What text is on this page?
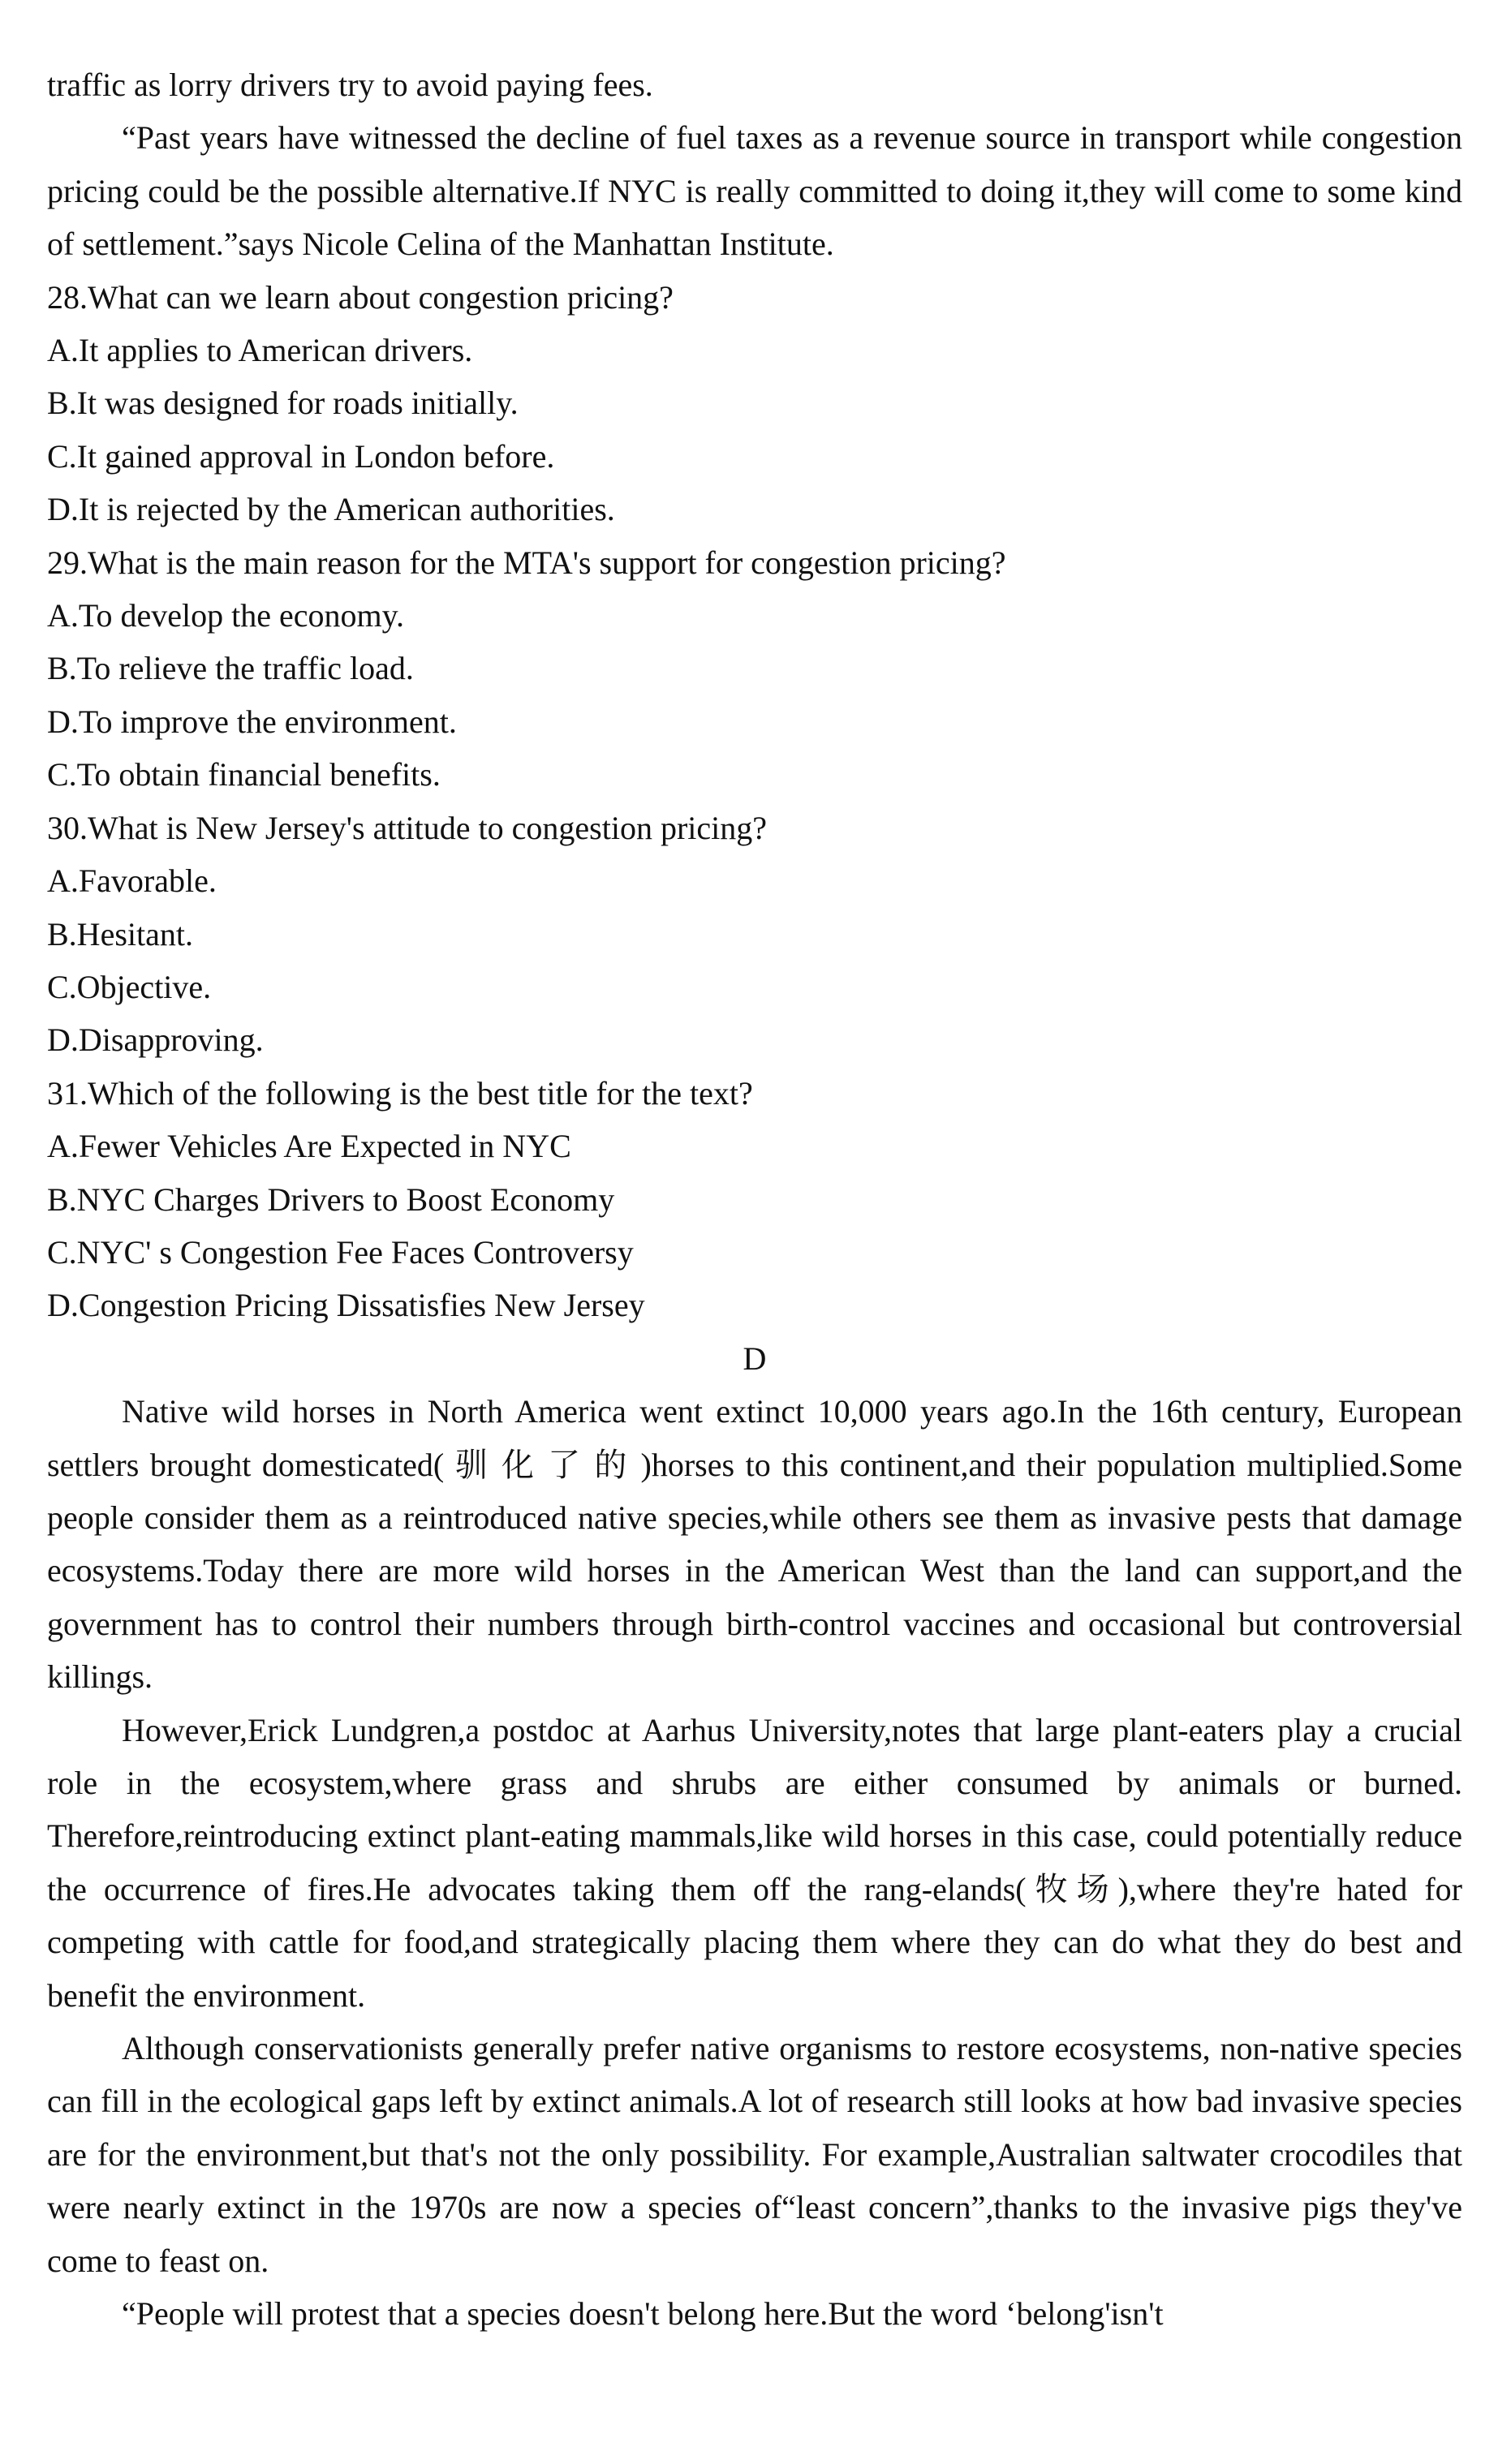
traffic as lorry drivers try to avoid paying fees.

“Past years have witnessed the decline of fuel taxes as a revenue source in transport while congestion pricing could be the possible alternative.If NYC is really committed to doing it,they will come to some kind of settlement.”says Nicole Celina of the Manhattan Institute.

28.What can we learn about congestion pricing?

A.It applies to American drivers.

B.It was designed for roads initially.

C.It gained approval in London before.

D.It is rejected by the American authorities.

29.What is the main reason for the MTA's support for congestion pricing?

A.To develop the economy.

B.To relieve the traffic load.

D.To improve the environment.

C.To obtain financial benefits.

30.What is New Jersey's attitude to congestion pricing?

A.Favorable.

B.Hesitant.

C.Objective.

D.Disapproving.

31.Which of the following is the best title for the text?

A.Fewer Vehicles Are Expected in NYC

B.NYC Charges Drivers to Boost Economy

C.NYC' s Congestion Fee Faces Controversy

D.Congestion Pricing Dissatisfies New Jersey

D

Native wild horses in North America went extinct 10,000 years ago.In the 16th century, European settlers brought domesticated( 驯 化 了 的 )horses to this continent,and their population multiplied.Some people consider them as a reintroduced native species,while others see them as invasive pests that damage ecosystems.Today there are more wild horses in the American West than the land can support,and the government has to control their numbers through birth-control vaccines and occasional but controversial killings.

However,Erick Lundgren,a postdoc at Aarhus University,notes that large plant-eaters play a crucial role in the ecosystem,where grass and shrubs are either consumed by animals or burned. Therefore,reintroducing extinct plant-eating mammals,like wild horses in this case, could potentially reduce the occurrence of fires.He advocates taking them off the rang-elands(牧场),where they're hated for competing with cattle for food,and strategically placing them where they can do what they do best and benefit the environment.

Although conservationists generally prefer native organisms to restore ecosystems, non-native species can fill in the ecological gaps left by extinct animals.A lot of research still looks at how bad invasive species are for the environment,but that's not the only possibility. For example,Australian saltwater crocodiles that were nearly extinct in the 1970s are now a species of“least concern”,thanks to the invasive pigs they've come to feast on.

“People will protest that a species doesn't belong here.But the word ‘belong'isn't
